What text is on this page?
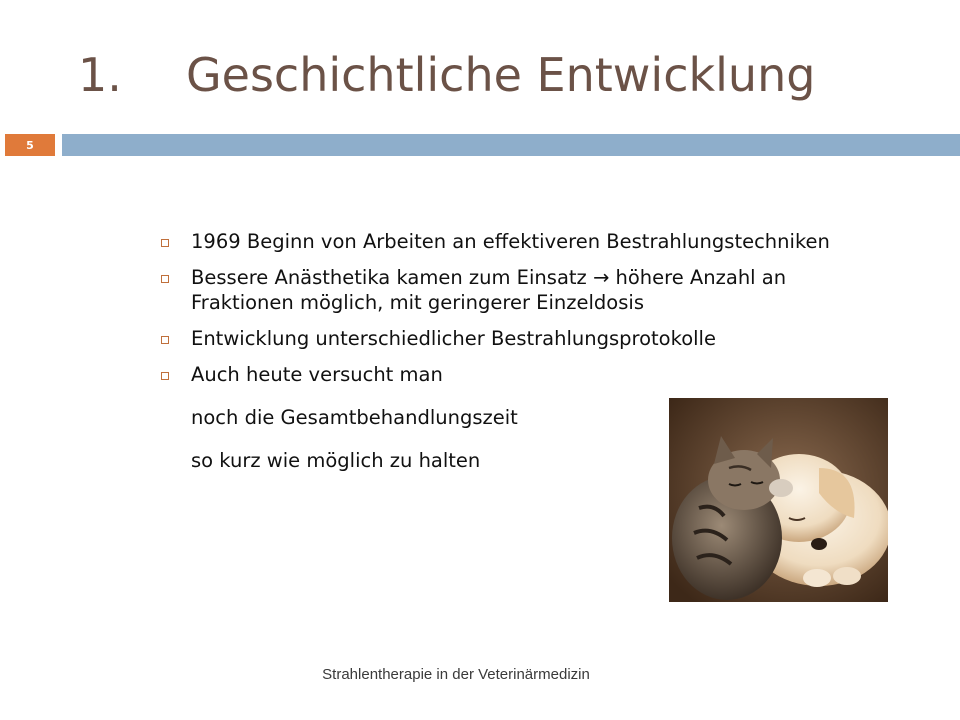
1. Geschichtliche Entwicklung
5
1969 Beginn von Arbeiten an effektiveren Bestrahlungstechniken
Bessere Anästhetika kamen zum Einsatz → höhere Anzahl an Fraktionen möglich, mit geringerer Einzeldosis
Entwicklung unterschiedlicher Bestrahlungsprotokolle
Auch heute versucht man
noch die Gesamtbehandlungszeit
so kurz wie möglich zu halten
Strahlentherapie in der Veterinärmedizin
